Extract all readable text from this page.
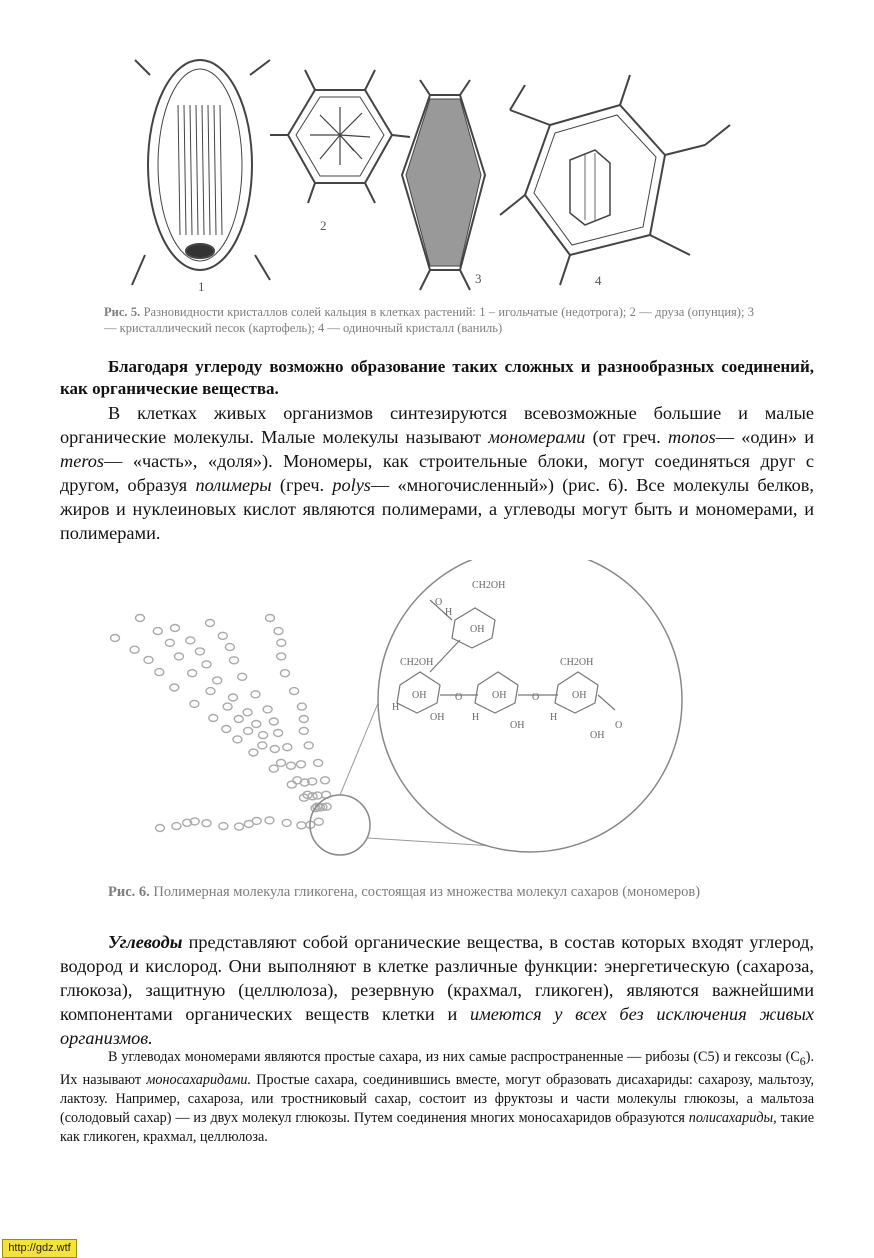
1
2
3	4
Рис. 5. Разновидности кристаллов солей кальция в клетках растений: 1 – игольчатые (недотрога); 2 — друза (опунция); 3 — кристаллический песок (картофель); 4 — одиночный кристалл (ваниль)
Благодаря углероду возможно образование таких сложных и разнообразных соединений, как органические вещества.
В клетках живых организмов синтезируются всевозможные большие и малые органические молекулы. Малые молекулы называют мономерами (от греч. monos— «один» и meros— «часть», «доля»). Мономеры, как строительные блоки, могут соединяться друг с другом, образуя полимеры (греч. polys— «многочисленный») (рис. 6). Все молекулы белков, жиров и нуклеиновых кислот являются полимерами, а углеводы могут быть и мономерами, и полимерами.
CH2OH
CH2OH	CH2OH
H
H
H	H
OH
OH
OH
OH
OH
OH
OH
O	O
O
O
Рис. 6. Полимерная молекула гликогена, состоящая из множества молекул сахаров (мономеров)
Углеводы представляют собой органические вещества, в состав которых входят углерод, водород и кислород. Они выполняют в клетке различные функции: энергетическую (сахароза, глюкоза), защитную (целлюлоза), резервную (крахмал, гликоген), являются важнейшими компонентами органических веществ клетки и имеются у всех без исключения живых организмов.
В углеводах мономерами являются простые сахара, из них самые распространенные — рибозы (С5) и гексозы $(С_6)$. Их называют моносахаридами. Простые сахара, соединившись вместе, могут образовать дисахариды: сахарозу, мальтозу, лактозу. Например, сахароза, или тростниковый сахар, состоит из фруктозы и части молекулы глюкозы, а мальтоза (солодовый сахар) — из двух молекул глюкозы. Путем соединения многих моносахаридов образуются полисахариды, такие как гликоген, крахмал, целлюлоза.
http://gdz.wtf
